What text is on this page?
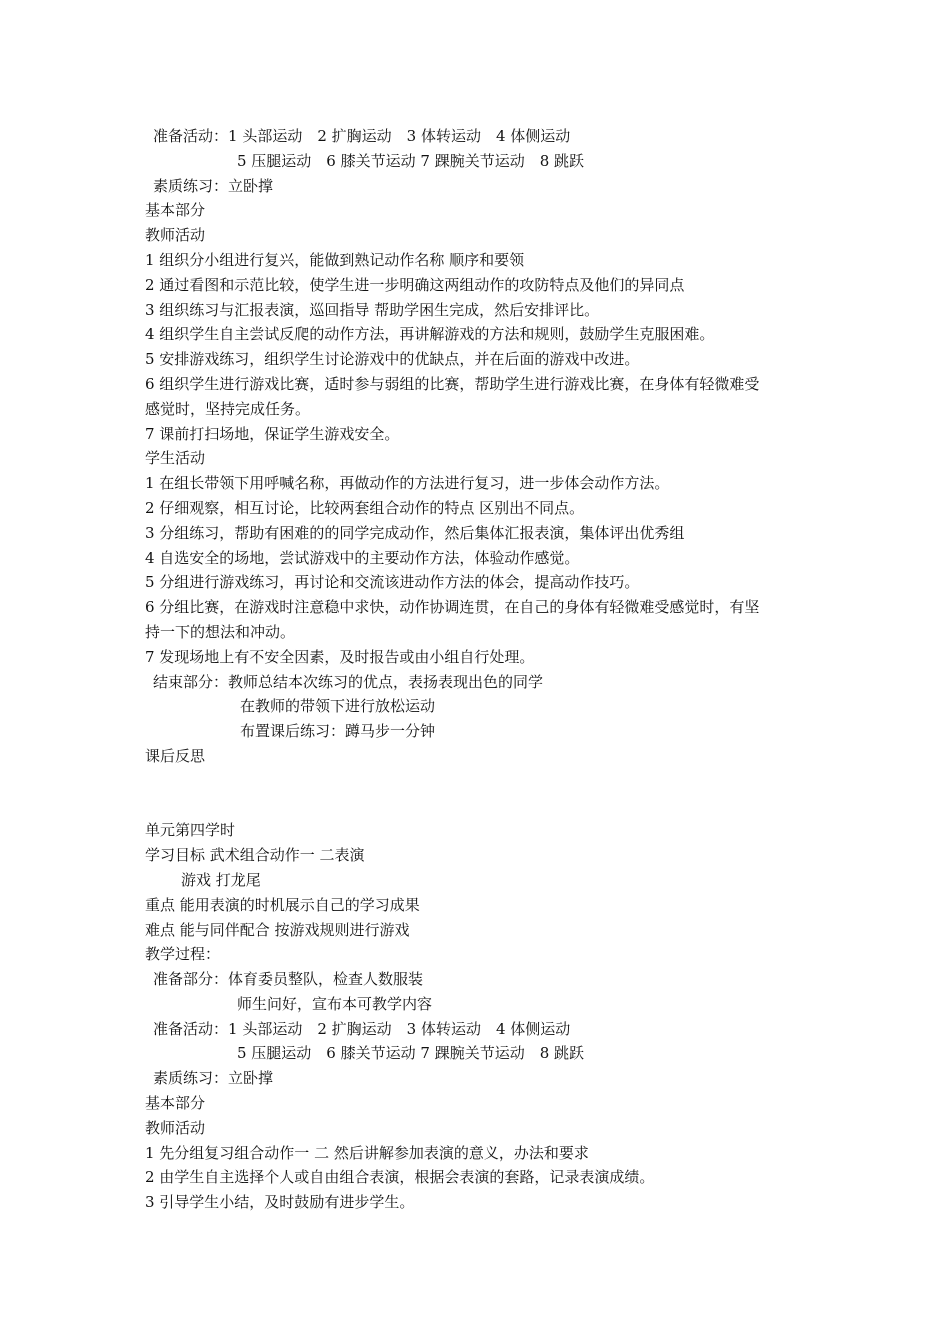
准备活动：1 头部运动　2 扩胸运动　3 体转运动　4 体侧运动
5 压腿运动　6 膝关节运动 7 踝腕关节运动　8 跳跃
素质练习：立卧撑
基本部分
教师活动
1 组织分小组进行复兴，能做到熟记动作名称 顺序和要领
2 通过看图和示范比较，使学生进一步明确这两组动作的攻防特点及他们的异同点
3 组织练习与汇报表演，巡回指导 帮助学困生完成，然后安排评比。
4 组织学生自主尝试反爬的动作方法，再讲解游戏的方法和规则，鼓励学生克服困难。
5 安排游戏练习，组织学生讨论游戏中的优缺点，并在后面的游戏中改进。
6 组织学生进行游戏比赛，适时参与弱组的比赛，帮助学生进行游戏比赛，在身体有轻微难受
感觉时，坚持完成任务。
7 课前打扫场地，保证学生游戏安全。
学生活动
1 在组长带领下用呼喊名称，再做动作的方法进行复习，进一步体会动作方法。
2 仔细观察，相互讨论，比较两套组合动作的特点 区别出不同点。
3 分组练习，帮助有困难的的同学完成动作，然后集体汇报表演，集体评出优秀组
4 自选安全的场地，尝试游戏中的主要动作方法，体验动作感觉。
5 分组进行游戏练习，再讨论和交流该进动作方法的体会，提高动作技巧。
6 分组比赛，在游戏时注意稳中求快，动作协调连贯，在自己的身体有轻微难受感觉时，有坚
持一下的想法和冲动。
7 发现场地上有不安全因素，及时报告或由小组自行处理。
结束部分：教师总结本次练习的优点，表扬表现出色的同学
在教师的带领下进行放松运动
布置课后练习：蹲马步一分钟
课后反思
单元第四学时
学习目标 武术组合动作一 二表演
游戏 打龙尾
重点 能用表演的时机展示自己的学习成果
难点 能与同伴配合 按游戏规则进行游戏
教学过程：
准备部分：体育委员整队，检查人数服装
师生问好，宣布本可教学内容
准备活动：1 头部运动　2 扩胸运动　3 体转运动　4 体侧运动
5 压腿运动　6 膝关节运动 7 踝腕关节运动　8 跳跃
素质练习：立卧撑
基本部分
教师活动
1 先分组复习组合动作一 二 然后讲解参加表演的意义，办法和要求
2 由学生自主选择个人或自由组合表演，根据会表演的套路，记录表演成绩。
3 引导学生小结，及时鼓励有进步学生。
